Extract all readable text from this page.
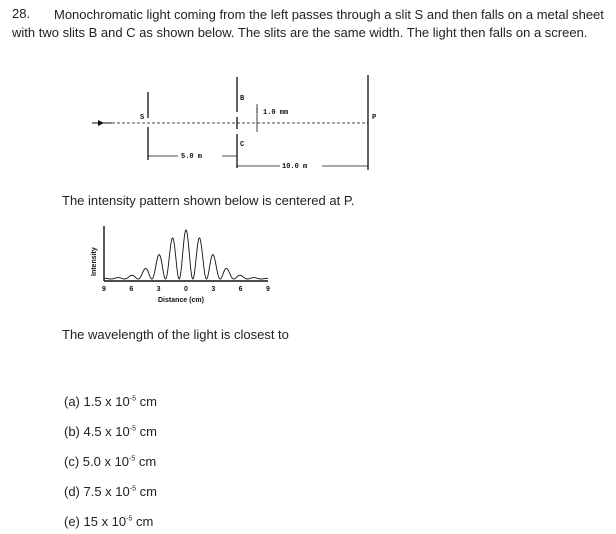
28.	Monochromatic light coming from the left passes through a slit S and then falls on a metal sheet with two slits B and C as shown below. The slits are the same width. The light then falls on a screen.
S
B
C
1.0 mm
P
5.0 m
10.0 m
The intensity pattern shown below is centered at P.
Intensity
9	6	3	0	3	6	9
Distance (cm)
The wavelength of the light is closest to
(a) 1.5 x $10^{-5}$ cm
(b) 4.5 x $10^{-5}$ cm
(c) 5.0 x $10^{-5}$ cm
(d) 7.5 x $10^{-5}$ cm
(e) 15 x $10^{-5}$ cm
